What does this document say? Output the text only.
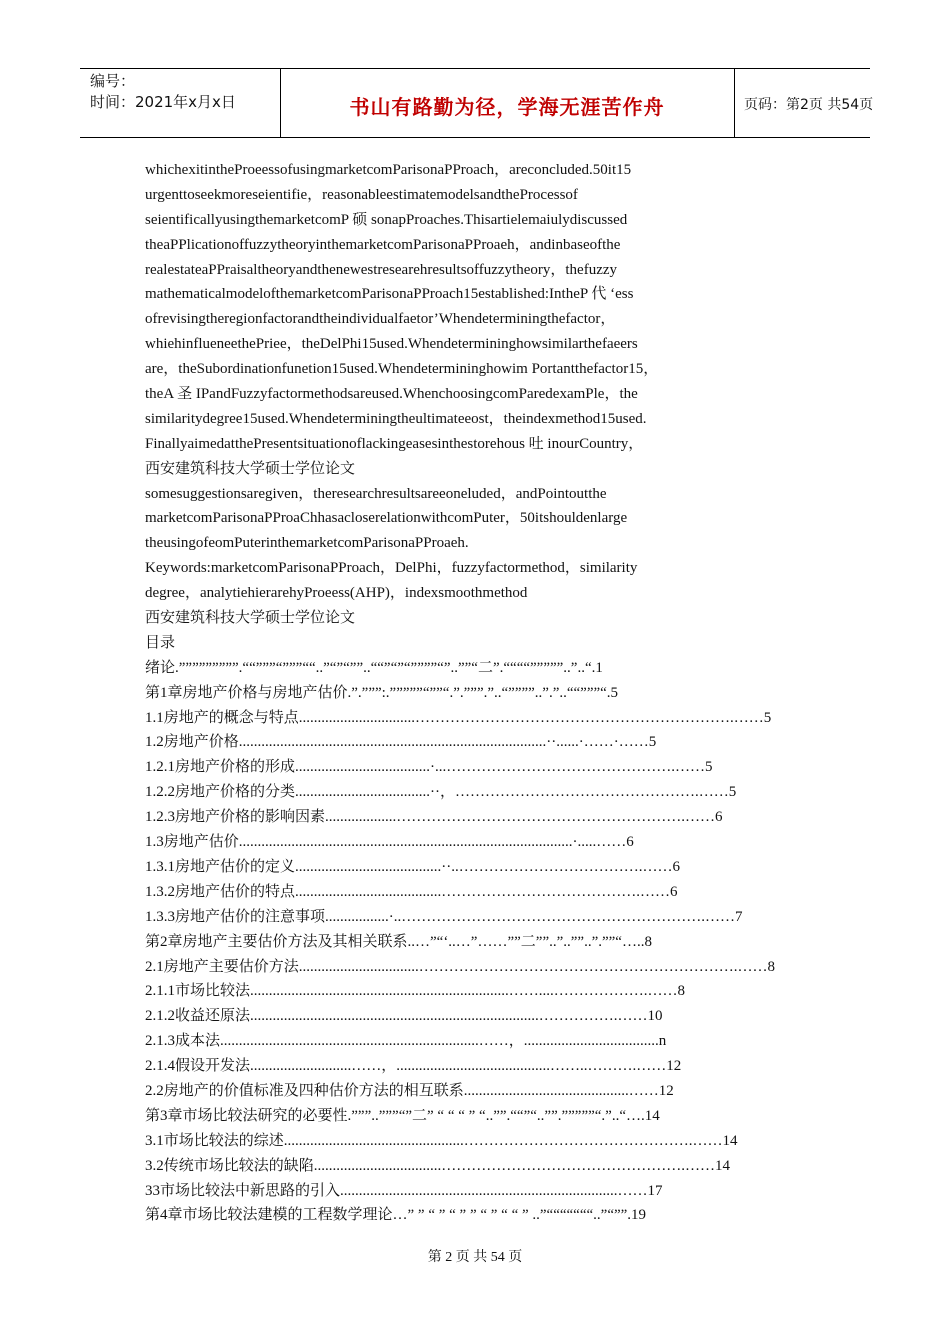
编号：
时间：2021年x月x日	书山有路勤为径，学海无涯苦作舟	页码：第2页 共54页
whichexitintheProeessofusingmarketcomParisonaPProach，areconcluded.50it15
urgenttoseekmoreseientifie，reasonableestimatemodelsandtheProcessof
seientificallyusingthemarketcomP 硕 sonapProaches.Thisartielemaiulydiscussed
theaPPlicationoffuzzytheoryinthemarketcomParisonaPProaeh，andinbaseofthe
realestateaPPraisaltheoryandthenewestresearehresultsoffuzzytheory，thefuzzy
mathematicalmodelofthemarketcomParisonaPProach15established:IntheP 代 ‘ess
ofrevisingtheregionfactorandtheindividualfaetor’Whendeterminingthefactor，
whiehinflueneethePriee，theDelPhi15used.Whendetermininghowsimilarthefaeers
are，theSubordinationfunetion15used.Whendetermininghowim Portantthefactor15，
theA 圣 IPandFuzzyfactormethodsareused.WhenchoosingcomParedexamPle，the
similaritydegree15used.Whendeterminingtheultimateeost，theindexmethod15used.
FinallyaimedatthePresentsituationoflackingeasesinthestorehous 吐 inourCountry，
西安建筑科技大学硕士学位论文
somesuggestionsaregiven，theresearchresultsareeoneluded，andPointoutthe
marketcomParisonaPProaChhasacloserelationwithcomPuter，50itshouldenlarge
theusingofeomPuterinthemarketcomParisonaPProaeh.
Keywords:marketcomParisonaPProach，DelPhi，fuzzyfactormethod，similarity
degree，analytiehierarehyProeess(AHP)，indexsmoothmethod
西安建筑科技大学硕士学位论文
目录
绪论.”””””””””.““”””“”””““..”“”“””..““”“”“””””“”..””“二”.““““”””””..”..“.1
第1章房地产价格与房地产估价.”.”””:.”””””“””“.”.”””.”..“””””..”.”..““”””“.5
1.1房地产的概念与特点...............................……………………………………………………….……5
1.2房地产价格..................................................................................··......·……·……5
1.2.1房地产价格的形成....................................·...……………………………………….……5
1.2.2房地产价格的分类....................................··，………………………………………….……5
1.2.3房地产价格的影响因素...................………………………………………………….……6
1.3房地产估价.........................................................................................·.....……6
1.3.1房地产估价的定义.......................................··..……………………………….……6
1.3.2房地产估价的特点.......................................………………………………….……6
1.3.3房地产估价的注意事项.................·..…………………………………………………….……7
第2章房地产主要估价方法及其相关联系..…”“‘..…”……””二””..”..””..”.””“…..8
2.1房地产主要估价方法................................……………………………………………………….……8
2.1.1市场比较法.....................................................................……....……………….……8
2.1.2收益还原法.............................................................................…………….……10
2.1.3成本法.....................................................................……，....................................n
2.1.4假设开发法...........................……，.........................................……..……….……12
2.2房地产的价值标准及四种估价方法的相互联系............................................……12
第3章市场比较法研究的必要性.”””..”””“”二” “ “ “ ” “..””.““”“..””.”””””“.”..“….14
3.1市场比较法的综述................................................……………………………………….……14
3.2传统市场比较法的缺陷..................................………………………………………….……14
33市场比较法中新思路的引入..........................................................................……17
第4章市场比较法建模的工程数学理论…” ” “ ” “ ” ” “ ” “ “ ” ..”“““““““..”“””.19
第 2 页 共 54 页
